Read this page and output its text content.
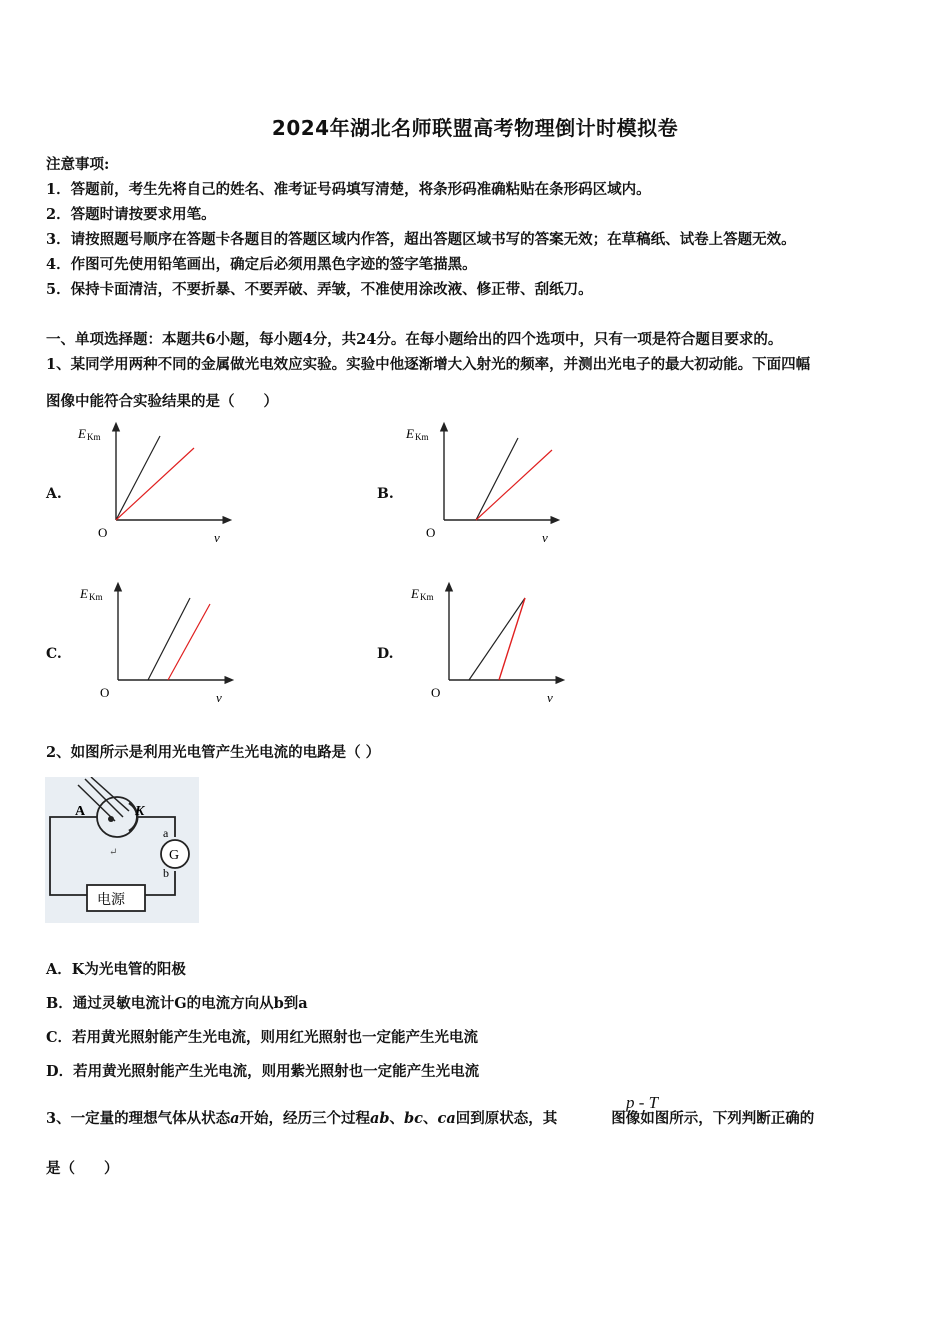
2024年湖北名师联盟高考物理倒计时模拟卷
注意事项:
1．答题前，考生先将自己的姓名、准考证号码填写清楚，将条形码准确粘贴在条形码区域内。
2．答题时请按要求用笔。
3．请按照题号顺序在答题卡各题目的答题区域内作答，超出答题区域书写的答案无效；在草稿纸、试卷上答题无效。
4．作图可先使用铅笔画出，确定后必须用黑色字迹的签字笔描黑。
5．保持卡面清洁，不要折暴、不要弄破、弄皱，不准使用涂改液、修正带、刮纸刀。
一、单项选择题：本题共6小题，每小题4分，共24分。在每小题给出的四个选项中，只有一项是符合题目要求的。
1、某同学用两种不同的金属做光电效应实验。实验中他逐渐增大入射光的频率，并测出光电子的最大初动能。下面四幅
图像中能符合实验结果的是（　　）
A.
E Km
O	ν
B.
E Km
O	ν
C.
E Km
O	ν
D.
E Km
O	ν
2、如图所示是利用光电管产生光电流的电路是（ ）
A	K
G
a
b
电源
↵
A．K为光电管的阳极
B．通过灵敏电流计G的电流方向从b到a
C．若用黄光照射能产生光电流，则用红光照射也一定能产生光电流
D．若用黄光照射能产生光电流，则用紫光照射也一定能产生光电流
3、一定量的理想气体从状态a开始，经历三个过程ab、bc、ca回到原状态，其	图像如图所示，下列判断正确的
p - T
是（　　）
